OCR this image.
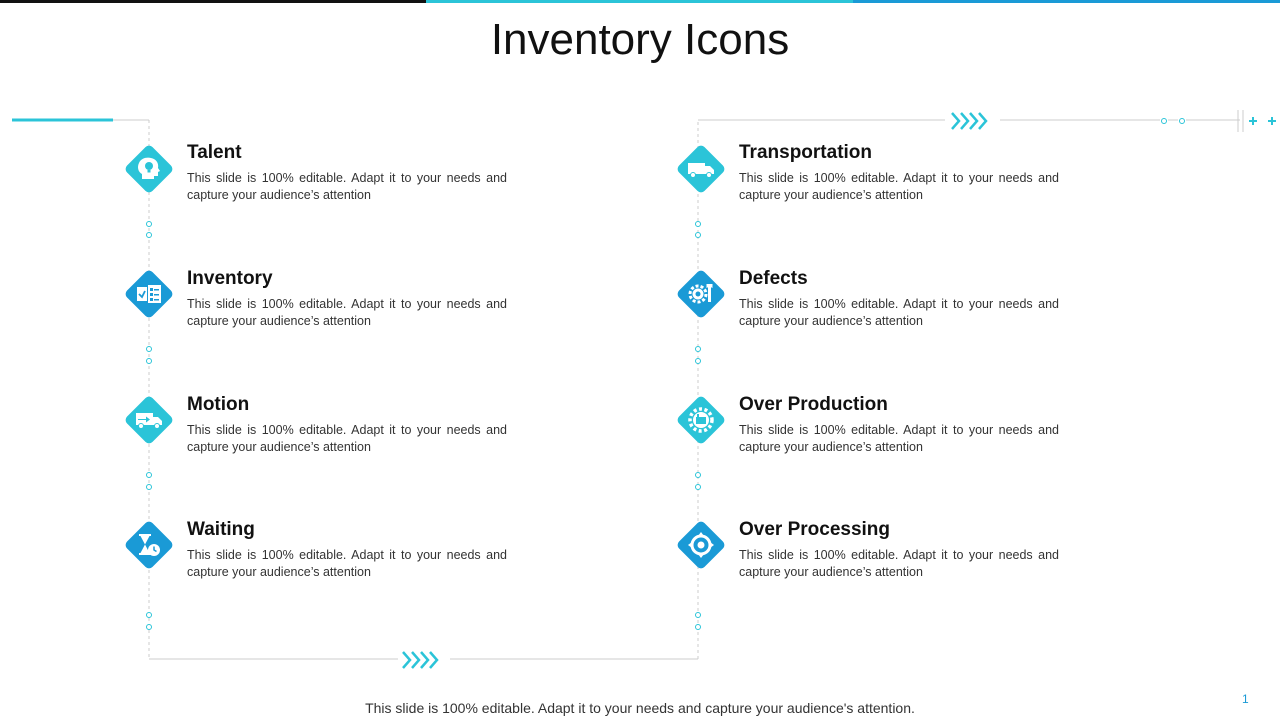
Inventory Icons
Talent

This slide is 100% editable. Adapt it to your needs and capture your audience’s attention

Inventory

This slide is 100% editable. Adapt it to your needs and capture your audience’s attention

Motion

This slide is 100% editable. Adapt it to your needs and capture your audience’s attention

Waiting

This slide is 100% editable. Adapt it to your needs and capture your audience’s attention

Transportation

This slide is 100% editable. Adapt it to your needs and capture your audience’s attention

Defects

This slide is 100% editable. Adapt it to your needs and capture your audience’s attention

Over Production

This slide is 100% editable. Adapt it to your needs and capture your audience’s attention

Over Processing

This slide is 100% editable. Adapt it to your needs and capture your audience’s attention

This slide is 100% editable. Adapt it to your needs and capture your audience's attention.
1
